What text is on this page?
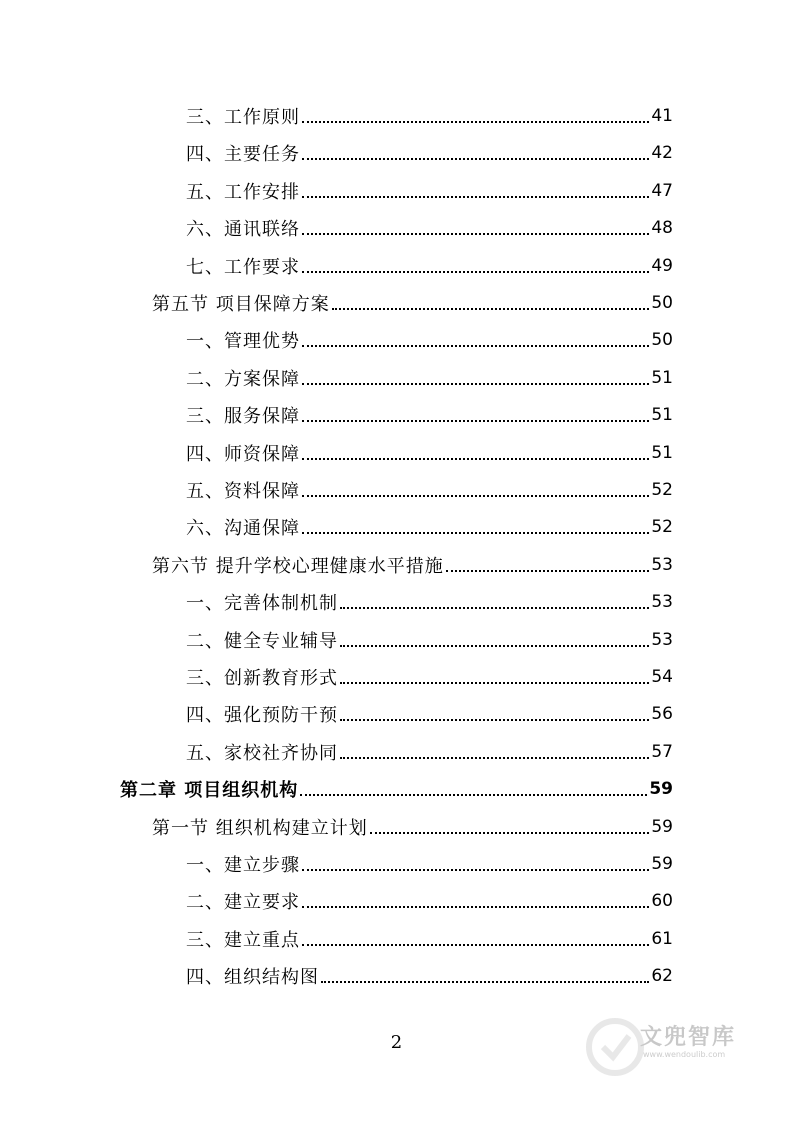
三、工作原则	41
四、主要任务	42
五、工作安排	47
六、通讯联络	48
七、工作要求	49
第五节 项目保障方案	50
一、管理优势	50
二、方案保障	51
三、服务保障	51
四、师资保障	51
五、资料保障	52
六、沟通保障	52
第六节 提升学校心理健康水平措施	53
一、完善体制机制	53
二、健全专业辅导	53
三、创新教育形式	54
四、强化预防干预	56
五、家校社齐协同	57
第二章 项目组织机构	59
第一节 组织机构建立计划	59
一、建立步骤	59
二、建立要求	60
三、建立重点	61
四、组织结构图	62
2	文兜智库
www.wendoulib.com
